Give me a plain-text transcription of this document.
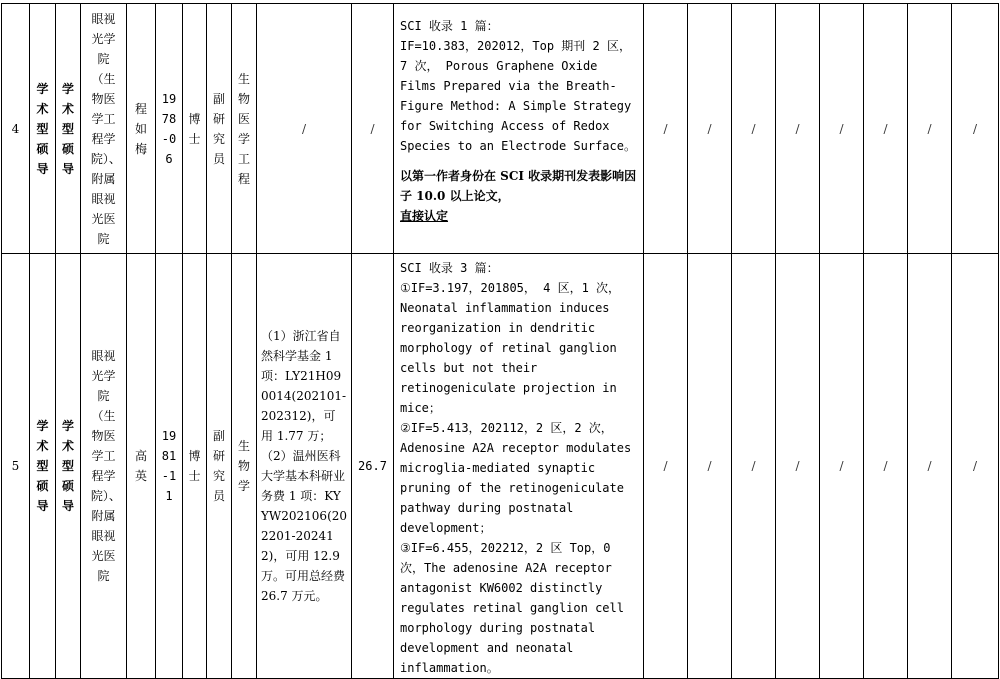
4	学术型硕导	学术型硕导	眼视光学院（生物医学工程学院）、附属眼视光医院	程如梅	1978-06	博士	副研究员	生物医学工程	/	/	SCI 收录 1 篇：
IF=10.383，202012，Top 期刊 2 区，7 次， Porous Graphene Oxide Films Prepared via the Breath-Figure Method: A Simple Strategy for Switching Access of Redox Species to an Electrode Surface。
以第一作者身份在 SCI 收录期刊发表影响因子 10.0 以上论文，
直接认定	/	/	/	/	/	/	/	/
5	学术型硕导	学术型硕导	眼视光学院（生物医学工程学院）、附属眼视光医院	高英	1981-11	博士	副研究员	生物学	（1）浙江省自然科学基金 1 项：LY21H090014(202101-202312)，可用 1.77 万；（2）温州医科大学基本科研业务费 1 项：KYYW202106(202201-202412)，可用 12.9 万。可用总经费 26.7 万元。	26.7	SCI 收录 3 篇：
①IF=3.197，201805， 4 区，1 次，Neonatal inflammation induces reorganization in dendritic morphology of retinal ganglion cells but not their retinogeniculate projection in mice；
②IF=5.413，202112，2 区，2 次，Adenosine A2A receptor modulates microglia-mediated synaptic pruning of the retinogeniculate pathway during postnatal development；
③IF=6.455，202212，2 区 Top，0 次，The adenosine A2A receptor antagonist KW6002 distinctly regulates retinal ganglion cell morphology during postnatal development and neonatal inflammation。	/	/	/	/	/	/	/	/
